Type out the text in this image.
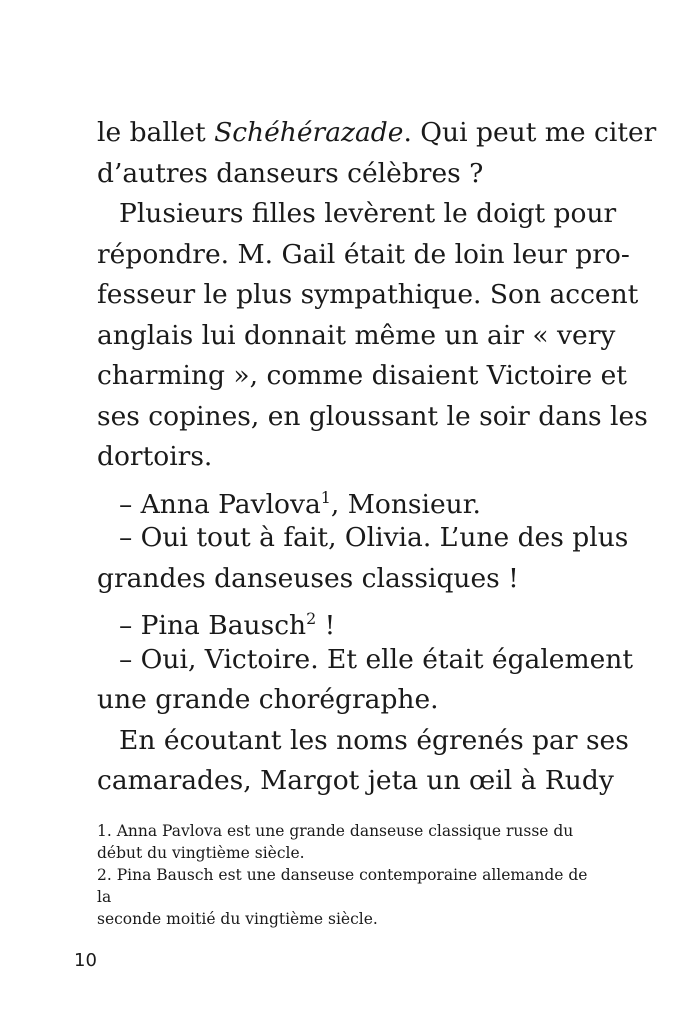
le ballet Schéhérazade. Qui peut me citer
d’autres danseurs célèbres ?
Plusieurs filles levèrent le doigt pour
répondre. M. Gail était de loin leur pro-
fesseur le plus sympathique. Son accent
anglais lui donnait même un air « very
charming », comme disaient Victoire et
ses copines, en gloussant le soir dans les
dortoirs.
– Anna Pavlova$^1$, Monsieur.
– Oui tout à fait, Olivia. L’une des plus
grandes danseuses classiques !
– Pina Bausch$^2$ !
– Oui, Victoire. Et elle était également
une grande chorégraphe.
En écoutant les noms égrenés par ses
camarades, Margot jeta un œil à Rudy
1. Anna Pavlova est une grande danseuse classique russe du
début du vingtième siècle.
2. Pina Bausch est une danseuse contemporaine allemande de la
seconde moitié du vingtième siècle.
10
